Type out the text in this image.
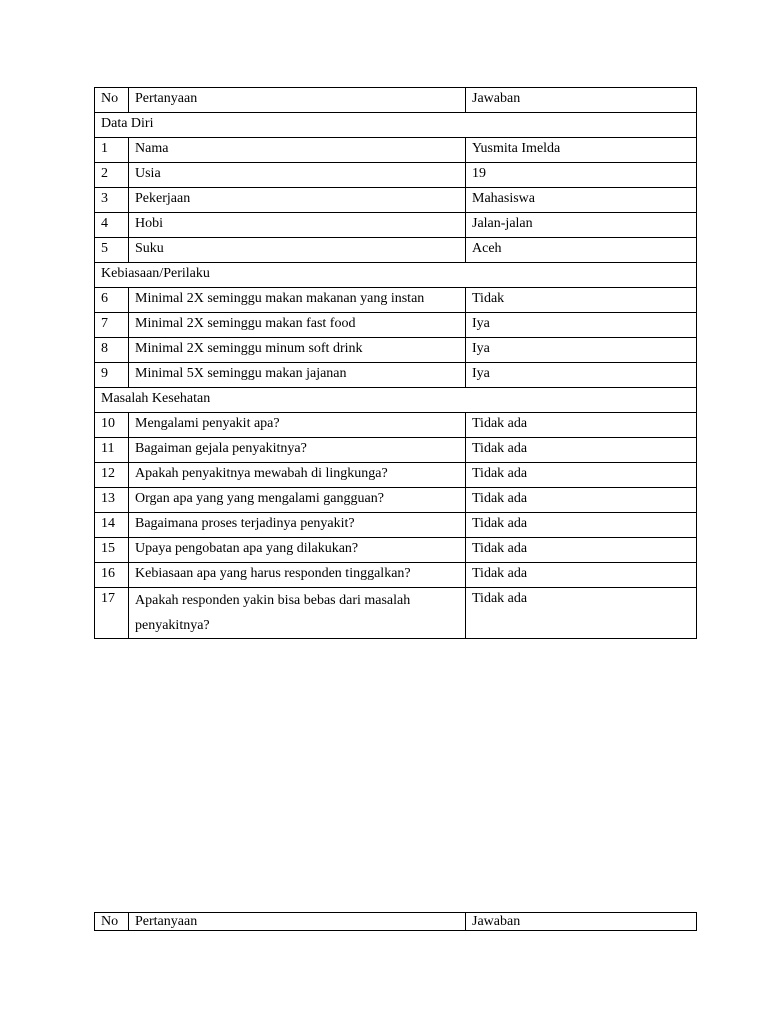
No	Pertanyaan	Jawaban
Data Diri		
1	Nama	Yusmita Imelda
2	Usia	19
3	Pekerjaan	Mahasiswa
4	Hobi	Jalan-jalan
5	Suku	Aceh
Kebiasaan/Perilaku		
6	Minimal 2X seminggu makan makanan yang instan	Tidak
7	Minimal 2X seminggu makan fast food	Iya
8	Minimal 2X seminggu minum soft drink	Iya
9	Minimal 5X seminggu makan jajanan	Iya
Masalah Kesehatan		
10	Mengalami penyakit apa?	Tidak ada
11	Bagaiman gejala penyakitnya?	Tidak ada
12	Apakah penyakitnya mewabah di lingkunga?	Tidak ada
13	Organ apa yang yang mengalami gangguan?	Tidak ada
14	Bagaimana proses terjadinya penyakit?	Tidak ada
15	Upaya pengobatan apa yang dilakukan?	Tidak ada
16	Kebiasaan apa yang harus responden tinggalkan?	Tidak ada
17	Apakah responden yakin bisa bebas dari masalah penyakitnya?	Tidak ada
No	Pertanyaan	Jawaban
